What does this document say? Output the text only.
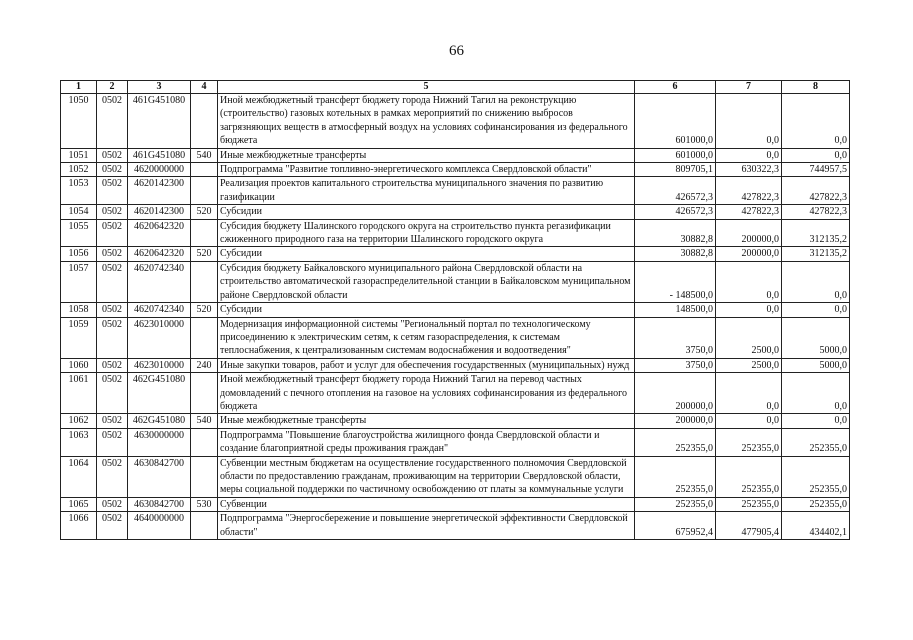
66
1	2	3	4	5	6	7	8
1050	0502	461G451080		Иной межбюджетный трансферт бюджету города Нижний Тагил на реконструкцию (строительство) газовых котельных в рамках мероприятий по снижению выбросов загрязняющих веществ в атмосферный воздух на условиях софинансирования из федерального бюджета	601000,0	0,0	0,0
1051	0502	461G451080	540	Иные межбюджетные трансферты	601000,0	0,0	0,0
1052	0502	4620000000		Подпрограмма "Развитие топливно-энергетического комплекса Свердловской области"	809705,1	630322,3	744957,5
1053	0502	4620142300		Реализация проектов капитального строительства муниципального значения по развитию газификации	426572,3	427822,3	427822,3
1054	0502	4620142300	520	Субсидии	426572,3	427822,3	427822,3
1055	0502	4620642320		Субсидия бюджету Шалинского городского округа на строительство пункта регазификации сжиженного природного газа на территории Шалинского городского округа	30882,8	200000,0	312135,2
1056	0502	4620642320	520	Субсидии	30882,8	200000,0	312135,2
1057	0502	4620742340		Субсидия бюджету Байкаловского муниципального района Свердловской области на строительство автоматической газораспределительной станции в Байкаловском муниципальном районе Свердловской области	- 148500,0	0,0	0,0
1058	0502	4620742340	520	Субсидии	148500,0	0,0	0,0
1059	0502	4623010000		Модернизация информационной системы "Региональный портал по технологическому присоединению к электрическим сетям, к сетям газораспределения, к системам теплоснабжения, к централизованным системам водоснабжения и водоотведения"	3750,0	2500,0	5000,0
1060	0502	4623010000	240	Иные закупки товаров, работ и услуг для обеспечения государственных (муниципальных) нужд	3750,0	2500,0	5000,0
1061	0502	462G451080		Иной межбюджетный трансферт бюджету города Нижний Тагил на перевод частных домовладений с печного отопления на газовое на условиях софинансирования из федерального бюджета	200000,0	0,0	0,0
1062	0502	462G451080	540	Иные межбюджетные трансферты	200000,0	0,0	0,0
1063	0502	4630000000		Подпрограмма "Повышение благоустройства жилищного фонда Свердловской области и создание благоприятной среды проживания граждан"	252355,0	252355,0	252355,0
1064	0502	4630842700		Субвенции местным бюджетам на осуществление государственного полномочия Свердловской области по предоставлению гражданам, проживающим на территории Свердловской области, меры социальной поддержки по частичному освобождению от платы за коммунальные услуги	252355,0	252355,0	252355,0
1065	0502	4630842700	530	Субвенции	252355,0	252355,0	252355,0
1066	0502	4640000000		Подпрограмма "Энергосбережение и повышение энергетической эффективности Свердловской области"	675952,4	477905,4	434402,1
